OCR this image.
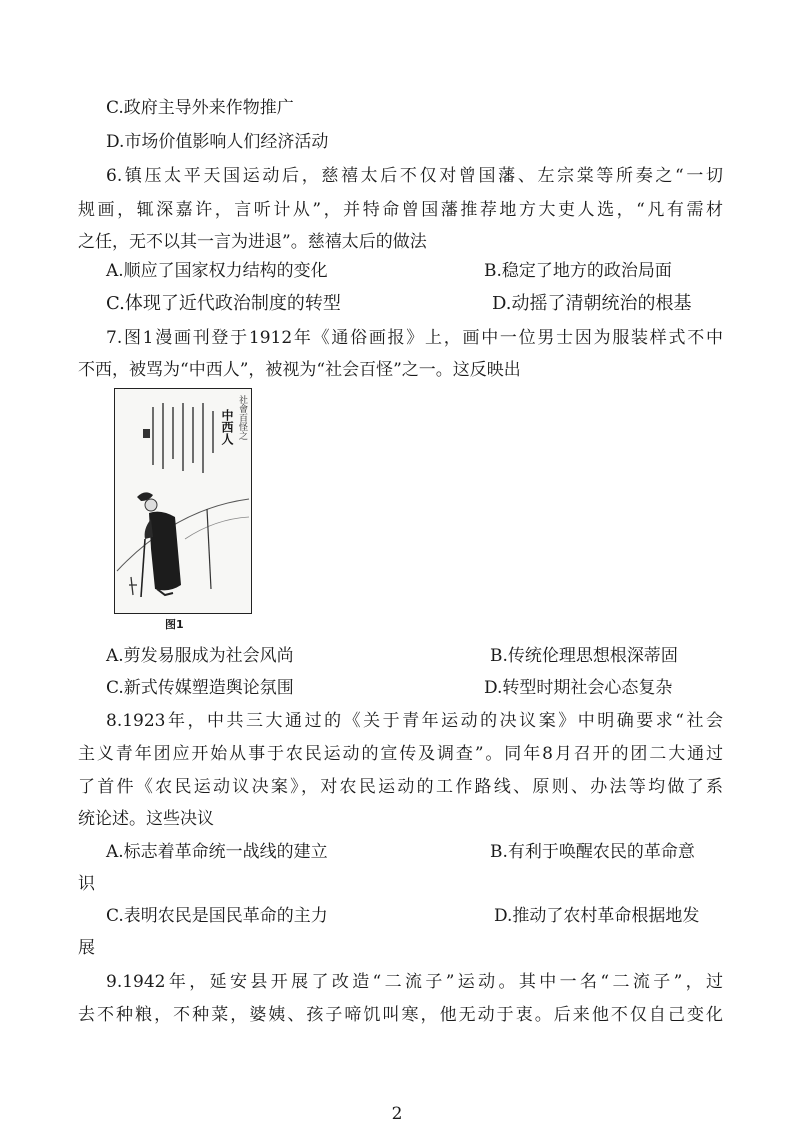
C.政府主导外来作物推广
D.市场价值影响人们经济活动
6.镇压太平天国运动后，慈禧太后不仅对曾国藩、左宗棠等所奏之“一切
规画，辄深嘉许，言听计从”，并特命曾国藩推荐地方大吏人选，“凡有需材
之任，无不以其一言为进退”。慈禧太后的做法
A.顺应了国家权力结构的变化	B.稳定了地方的政治局面
C.体现了近代政治制度的转型	D.动摇了清朝统治的根基
7.图1漫画刊登于1912年《通俗画报》上，画中一位男士因为服装样式不中
不西，被骂为“中西人”，被视为“社会百怪”之一。这反映出
社會百怪之
中西人
图1
A.剪发易服成为社会风尚	B.传统伦理思想根深蒂固
C.新式传媒塑造舆论氛围	D.转型时期社会心态复杂
8.1923年，中共三大通过的《关于青年运动的决议案》中明确要求“社会
主义青年团应开始从事于农民运动的宣传及调查”。同年8月召开的团二大通过
了首件《农民运动议决案》，对农民运动的工作路线、原则、办法等均做了系
统论述。这些决议
A.标志着革命统一战线的建立	B.有利于唤醒农民的革命意
识
C.表明农民是国民革命的主力	D.推动了农村革命根据地发
展
9.1942年，延安县开展了改造“二流子”运动。其中一名“二流子”，过
去不种粮，不种菜，婆姨、孩子啼饥叫寒，他无动于衷。后来他不仅自己变化
2
